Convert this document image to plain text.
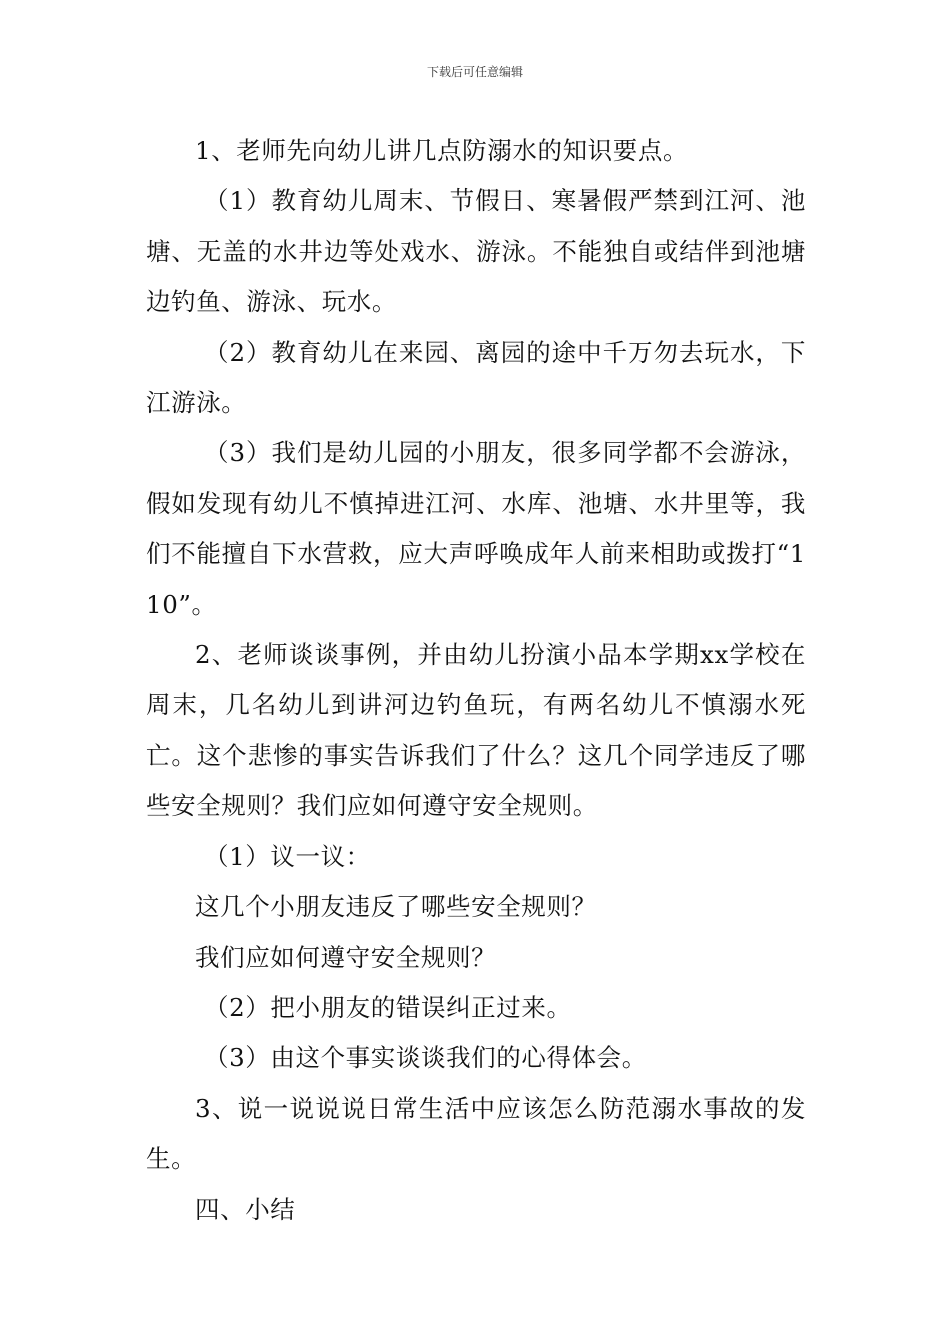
下载后可任意编辑

1、老师先向幼儿讲几点防溺水的知识要点。

（1）教育幼儿周末、节假日、寒暑假严禁到江河、池塘、无盖的水井边等处戏水、游泳。不能独自或结伴到池塘边钓鱼、游泳、玩水。

（2）教育幼儿在来园、离园的途中千万勿去玩水，下江游泳。

（3）我们是幼儿园的小朋友，很多同学都不会游泳，假如发现有幼儿不慎掉进江河、水库、池塘、水井里等，我们不能擅自下水营救，应大声呼唤成年人前来相助或拨打“110”。

2、老师谈谈事例，并由幼儿扮演小品本学期xx学校在周末，几名幼儿到讲河边钓鱼玩，有两名幼儿不慎溺水死亡。这个悲惨的事实告诉我们了什么？这几个同学违反了哪些安全规则？我们应如何遵守安全规则。

（1）议一议：

这几个小朋友违反了哪些安全规则？

我们应如何遵守安全规则？

（2）把小朋友的错误纠正过来。

（3）由这个事实谈谈我们的心得体会。

3、说一说说说日常生活中应该怎么防范溺水事故的发生。

四、小结
